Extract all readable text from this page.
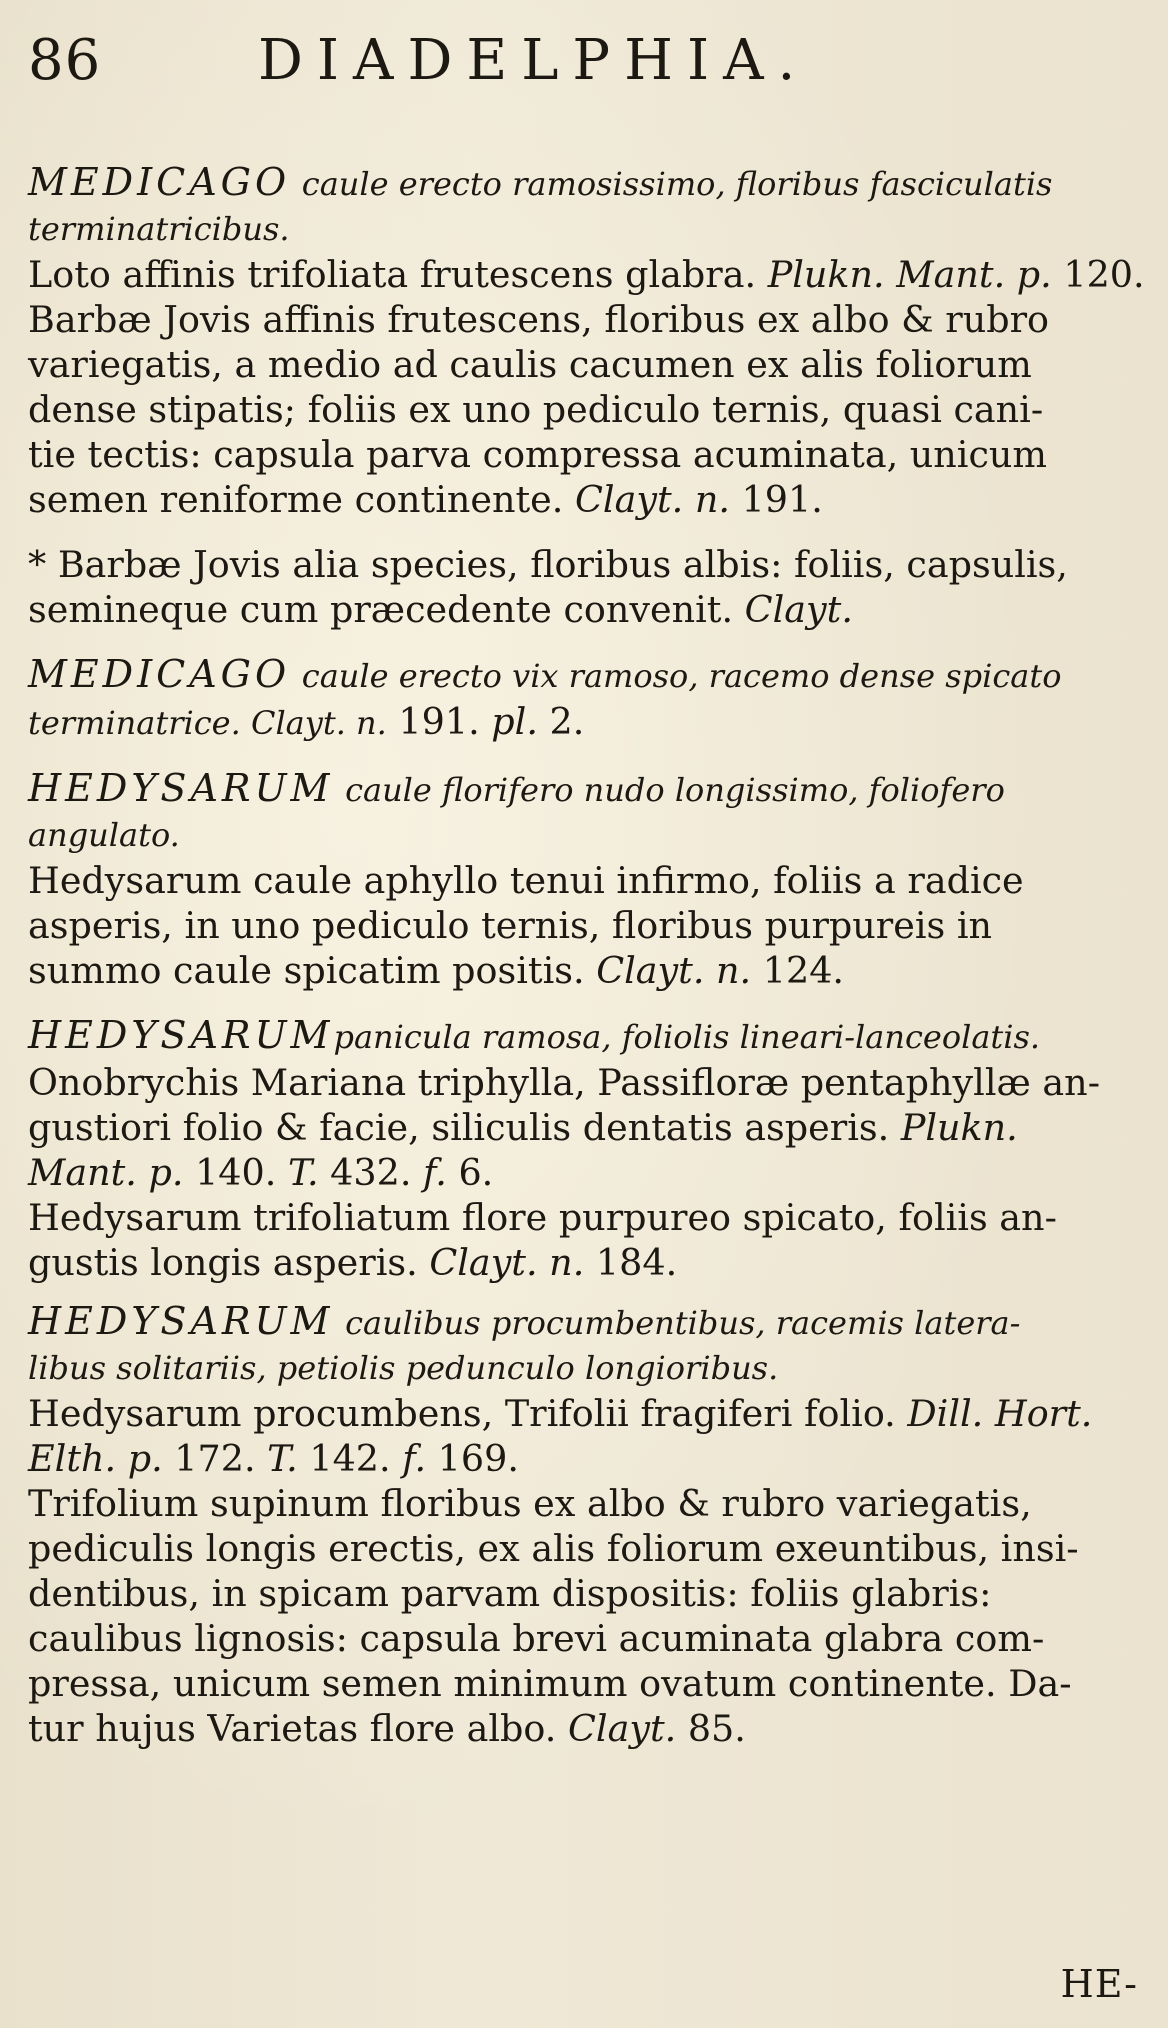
86	DIADELPHIA.
MEDICAGO caule erecto ramosissimo, floribus fasciculatis
terminatricibus.
Loto affinis trifoliata frutescens glabra. Plukn. Mant. p. 120.
Barbæ Jovis affinis frutescens, floribus ex albo & rubro
variegatis, a medio ad caulis cacumen ex alis foliorum
dense stipatis; foliis ex uno pediculo ternis, quasi cani-
tie tectis: capsula parva compressa acuminata, unicum
semen reniforme continente. Clayt. n. 191.
* Barbæ Jovis alia species, floribus albis: foliis, capsulis,
semineque cum præcedente convenit. Clayt.
MEDICAGO caule erecto vix ramoso, racemo dense spicato
terminatrice. Clayt. n. 191. pl. 2.
HEDYSARUM caule florifero nudo longissimo, foliofero
angulato.
Hedysarum caule aphyllo tenui infirmo, foliis a radice
asperis, in uno pediculo ternis, floribus purpureis in
summo caule spicatim positis. Clayt. n. 124.
HEDYSARUMpanicula ramosa, foliolis lineari-lanceolatis.
Onobrychis Mariana triphylla, Passifloræ pentaphyllæ an-
gustiori folio & facie, siliculis dentatis asperis. Plukn.
Mant. p. 140. T. 432. f. 6.
Hedysarum trifoliatum flore purpureo spicato, foliis an-
gustis longis asperis. Clayt. n. 184.
HEDYSARUM caulibus procumbentibus, racemis latera-
libus solitariis, petiolis pedunculo longioribus.
Hedysarum procumbens, Trifolii fragiferi folio. Dill. Hort.
Elth. p. 172. T. 142. f. 169.
Trifolium supinum floribus ex albo & rubro variegatis,
pediculis longis erectis, ex alis foliorum exeuntibus, insi-
dentibus, in spicam parvam dispositis: foliis glabris:
caulibus lignosis: capsula brevi acuminata glabra com-
pressa, unicum semen minimum ovatum continente. Da-
tur hujus Varietas flore albo. Clayt. 85.
HE-
